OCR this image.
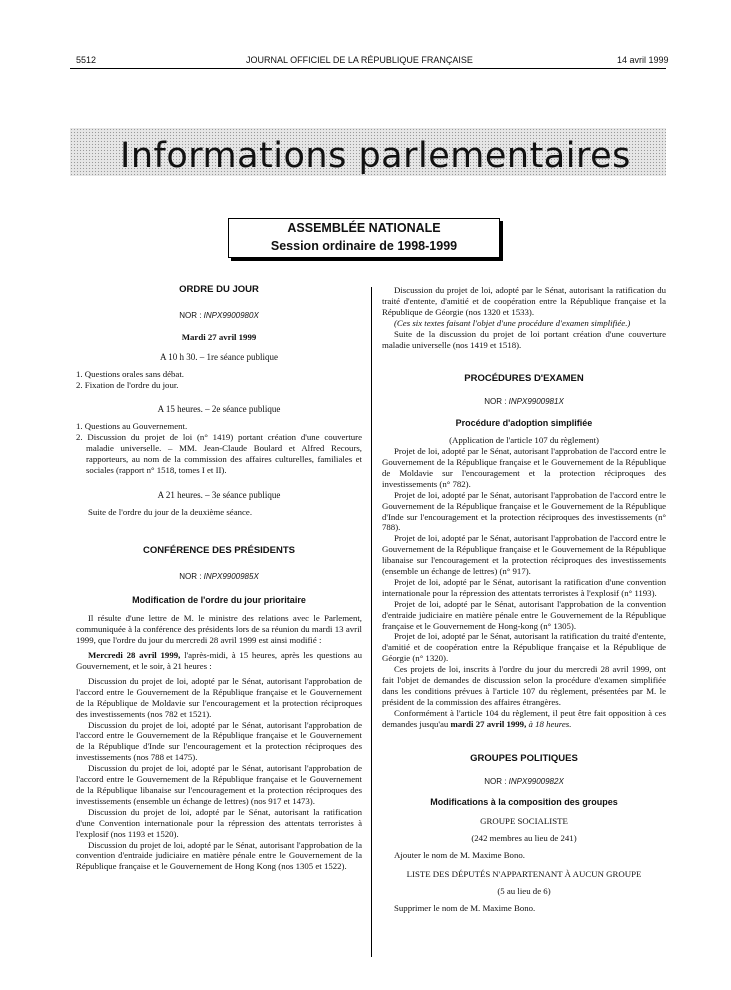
5512	JOURNAL OFFICIEL DE LA RÉPUBLIQUE FRANÇAISE	14 avril 1999
Informations parlementaires
ASSEMBLÉE NATIONALE
Session ordinaire de 1998-1999
ORDRE DU JOUR
NOR : INPX9900980X
Mardi 27 avril 1999
A 10 h 30. – 1re séance publique

1. Questions orales sans débat.

2. Fixation de l'ordre du jour.

A 15 heures. – 2e séance publique

1. Questions au Gouvernement.

2. Discussion du projet de loi (n° 1419) portant création d'une couverture maladie universelle. – MM. Jean-Claude Boulard et Alfred Recours, rapporteurs, au nom de la commission des affaires culturelles, familiales et sociales (rapport n° 1518, tomes I et II).

A 21 heures. – 3e séance publique

Suite de l'ordre du jour de la deuxième séance.

CONFÉRENCE DES PRÉSIDENTS
NOR : INPX9900985X
Modification de l'ordre du jour prioritaire

Il résulte d'une lettre de M. le ministre des relations avec le Parlement, communiquée à la conférence des présidents lors de sa réunion du mardi 13 avril 1999, que l'ordre du jour du mercredi 28 avril 1999 est ainsi modifié :

Mercredi 28 avril 1999, l'après-midi, à 15 heures, après les questions au Gouvernement, et le soir, à 21 heures :

Discussion du projet de loi, adopté par le Sénat, autorisant l'approbation de l'accord entre le Gouvernement de la République française et le Gouvernement de la République de Moldavie sur l'encouragement et la protection réciproques des investissements (nos 782 et 1521).

Discussion du projet de loi, adopté par le Sénat, autorisant l'approbation de l'accord entre le Gouvernement de la République française et le Gouvernement de la République d'Inde sur l'encouragement et la protection réciproques des investissements (nos 788 et 1475).

Discussion du projet de loi, adopté par le Sénat, autorisant l'approbation de l'accord entre le Gouvernement de la République française et le Gouvernement de la République libanaise sur l'encouragement et la protection réciproques des investissements (ensemble un échange de lettres) (nos 917 et 1473).

Discussion du projet de loi, adopté par le Sénat, autorisant la ratification d'une Convention internationale pour la répression des attentats terroristes à l'explosif (nos 1193 et 1520).

Discussion du projet de loi, adopté par le Sénat, autorisant l'approbation de la convention d'entraide judiciaire en matière pénale entre le Gouvernement de la République française et le Gouvernement de Hong Kong (nos 1305 et 1522).

Discussion du projet de loi, adopté par le Sénat, autorisant la ratification du traité d'entente, d'amitié et de coopération entre la République française et la République de Géorgie (nos 1320 et 1533).

(Ces six textes faisant l'objet d'une procédure d'examen simplifiée.)

Suite de la discussion du projet de loi portant création d'une couverture maladie universelle (nos 1419 et 1518).

PROCÉDURES D'EXAMEN
NOR : INPX9900981X
Procédure d'adoption simplifiée
(Application de l'article 107 du règlement)

Projet de loi, adopté par le Sénat, autorisant l'approbation de l'accord entre le Gouvernement de la République française et le Gouvernement de la République de Moldavie sur l'encouragement et la protection réciproques des investissements (n° 782).

Projet de loi, adopté par le Sénat, autorisant l'approbation de l'accord entre le Gouvernement de la République française et le Gouvernement de la République d'Inde sur l'encouragement et la protection réciproques des investissements (n° 788).

Projet de loi, adopté par le Sénat, autorisant l'approbation de l'accord entre le Gouvernement de la République française et le Gouvernement de la République libanaise sur l'encouragement et la protection réciproques des investissements (ensemble un échange de lettres) (n° 917).

Projet de loi, adopté par le Sénat, autorisant la ratification d'une convention internationale pour la répression des attentats terroristes à l'explosif (n° 1193).

Projet de loi, adopté par le Sénat, autorisant l'approbation de la convention d'entraide judiciaire en matière pénale entre le Gouvernement de la République française et le Gouvernement de Hong-kong (n° 1305).

Projet de loi, adopté par le Sénat, autorisant la ratification du traité d'entente, d'amitié et de coopération entre la République française et la République de Géorgie (n° 1320).

Ces projets de loi, inscrits à l'ordre du jour du mercredi 28 avril 1999, ont fait l'objet de demandes de discussion selon la procédure d'examen simplifiée dans les conditions prévues à l'article 107 du règlement, présentées par M. le président de la commission des affaires étrangères.

Conformément à l'article 104 du règlement, il peut être fait opposition à ces demandes jusqu'au mardi 27 avril 1999, à 18 heures.

GROUPES POLITIQUES
NOR : INPX9900982X
Modifications à la composition des groupes
GROUPE SOCIALISTE
(242 membres au lieu de 241)

Ajouter le nom de M. Maxime Bono.

LISTE DES DÉPUTÉS N'APPARTENANT À AUCUN GROUPE
(5 au lieu de 6)

Supprimer le nom de M. Maxime Bono.
